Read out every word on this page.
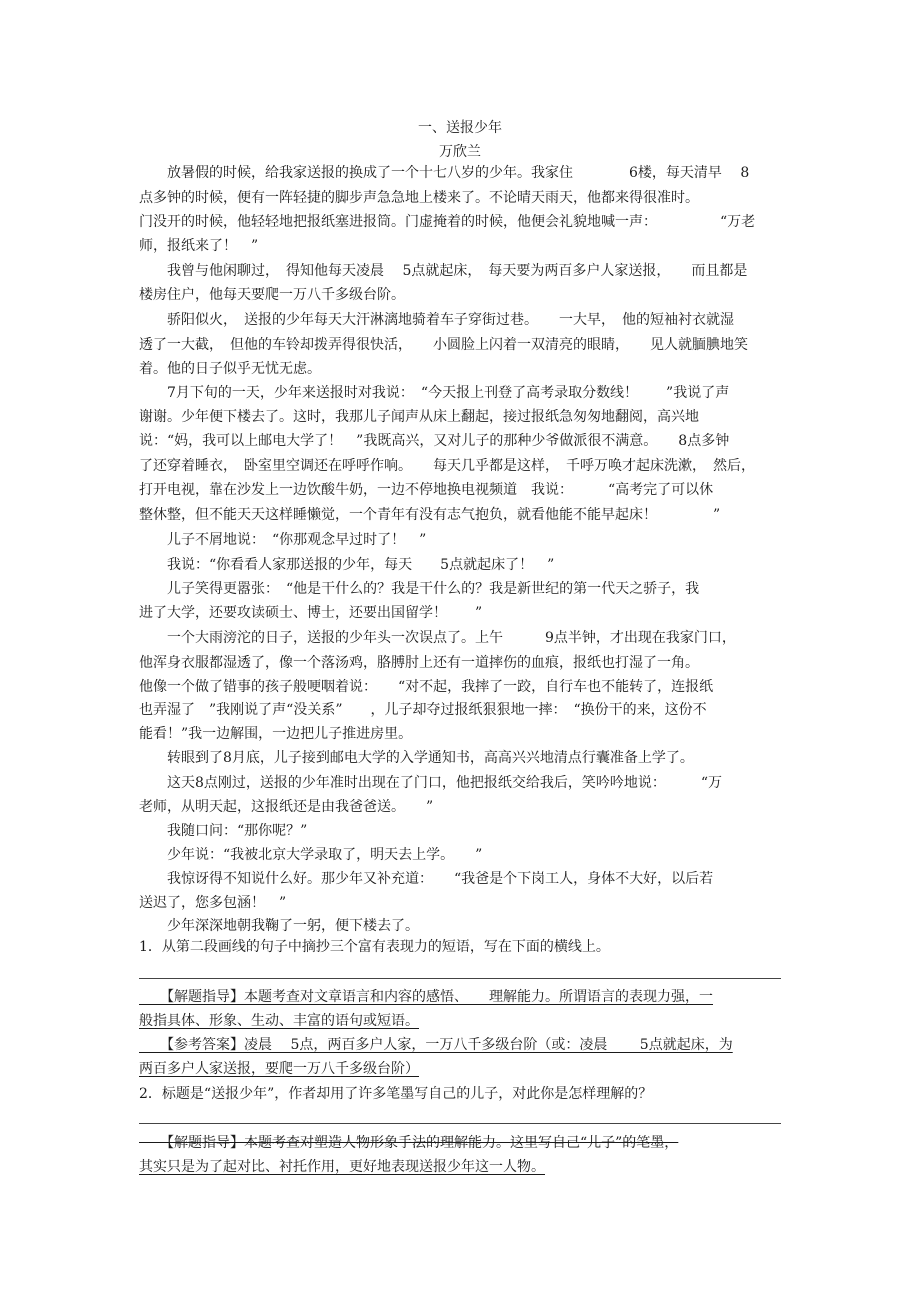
一、送报少年
万欣兰
　　放暑假的时候，给我家送报的换成了一个十七八岁的少年。我家住　　　　6楼，每天清早　 8
点多钟的时候，便有一阵轻捷的脚步声急急地上楼来了。不论晴天雨天，他都来得很准时。
门没开的时候，他轻轻地把报纸塞进报筒。门虚掩着的时候，他便会礼貌地喊一声：　　　　　“万老
师，报纸来了！　”
　　我曾与他闲聊过，　得知他每天凌晨　 5点就起床，　每天要为两百多户人家送报，　　而且都是
楼房住户，他每天要爬一万八千多级台阶。
　　骄阳似火，　送报的少年每天大汗淋漓地骑着车子穿街过巷。　　一大早，　他的短袖衬衣就湿
透了一大截，　但他的车铃却拨弄得很快活，　　小圆脸上闪着一双清亮的眼睛，　　见人就腼腆地笑
着。他的日子似乎无忧无虑。
　　7月下旬的一天，少年来送报时对我说：　“今天报上刊登了高考录取分数线！　　”我说了声
谢谢。少年便下楼去了。这时，我那儿子闻声从床上翻起，接过报纸急匆匆地翻阅，高兴地
说：“妈，我可以上邮电大学了！　”我既高兴，又对儿子的那种少爷做派很不满意。　　8点多钟
了还穿着睡衣，　卧室里空调还在呼呼作响。　　每天几乎都是这样，　千呼万唤才起床洗漱，　然后，
打开电视，靠在沙发上一边饮酸牛奶，一边不停地换电视频道　我说：　　　“高考完了可以休
整休整，但不能天天这样睡懒觉，一个青年有没有志气抱负，就看他能不能早起床！　　　　”
　　儿子不屑地说：　“你那观念早过时了！　”
　　我说：“你看看人家那送报的少年，每天　　5点就起床了！　”
　　儿子笑得更嚣张：　“他是干什么的？我是干什么的？我是新世纪的第一代天之骄子，我
进了大学，还要攻读硕士、博士，还要出国留学！　　”
　　一个大雨滂沱的日子，送报的少年头一次误点了。上午　　　9点半钟，才出现在我家门口，
他浑身衣服都湿透了，像一个落汤鸡，胳膊肘上还有一道摔伤的血痕，报纸也打湿了一角。
他像一个做了错事的孩子般哽咽着说：　　“对不起，我摔了一跤，自行车也不能转了，连报纸
也弄湿了　”我刚说了声“没关系”　　，儿子却夺过报纸狠狠地一摔：　“换份干的来，这份不
能看！”我一边解围，一边把儿子推进房里。
　　转眼到了8月底，儿子接到邮电大学的入学通知书，高高兴兴地清点行囊准备上学了。
　　这天8点刚过，送报的少年准时出现在了门口，他把报纸交给我后，笑吟吟地说：　　　“万
老师，从明天起，这报纸还是由我爸爸送。　　”
　　我随口问：“那你呢？”
　　少年说：“我被北京大学录取了，明天去上学。　　”
　　我惊讶得不知说什么好。那少年又补充道：　　“我爸是个下岗工人，身体不大好，以后若
送迟了，您多包涵！　”
　　少年深深地朝我鞠了一躬，便下楼去了。
1．从第二段画线的句子中摘抄三个富有表现力的短语，写在下面的横线上。
　　【解题指导】本题考查对文章语言和内容的感悟、　　理解能力。所谓语言的表现力强，一
般指具体、形象、生动、丰富的语句或短语。
　　【参考答案】凌晨　 5点，两百多户人家，一万八千多级台阶（或：凌晨　　 5点就起床，为
两百多户人家送报，要爬一万八千多级台阶）
2．标题是“送报少年”，作者却用了许多笔墨写自己的儿子，对此你是怎样理解的？
　　【解题指导】本题考查对塑造人物形象手法的理解能力。这里写自己“儿子”的笔墨，
其实只是为了起对比、衬托作用，更好地表现送报少年这一人物。
